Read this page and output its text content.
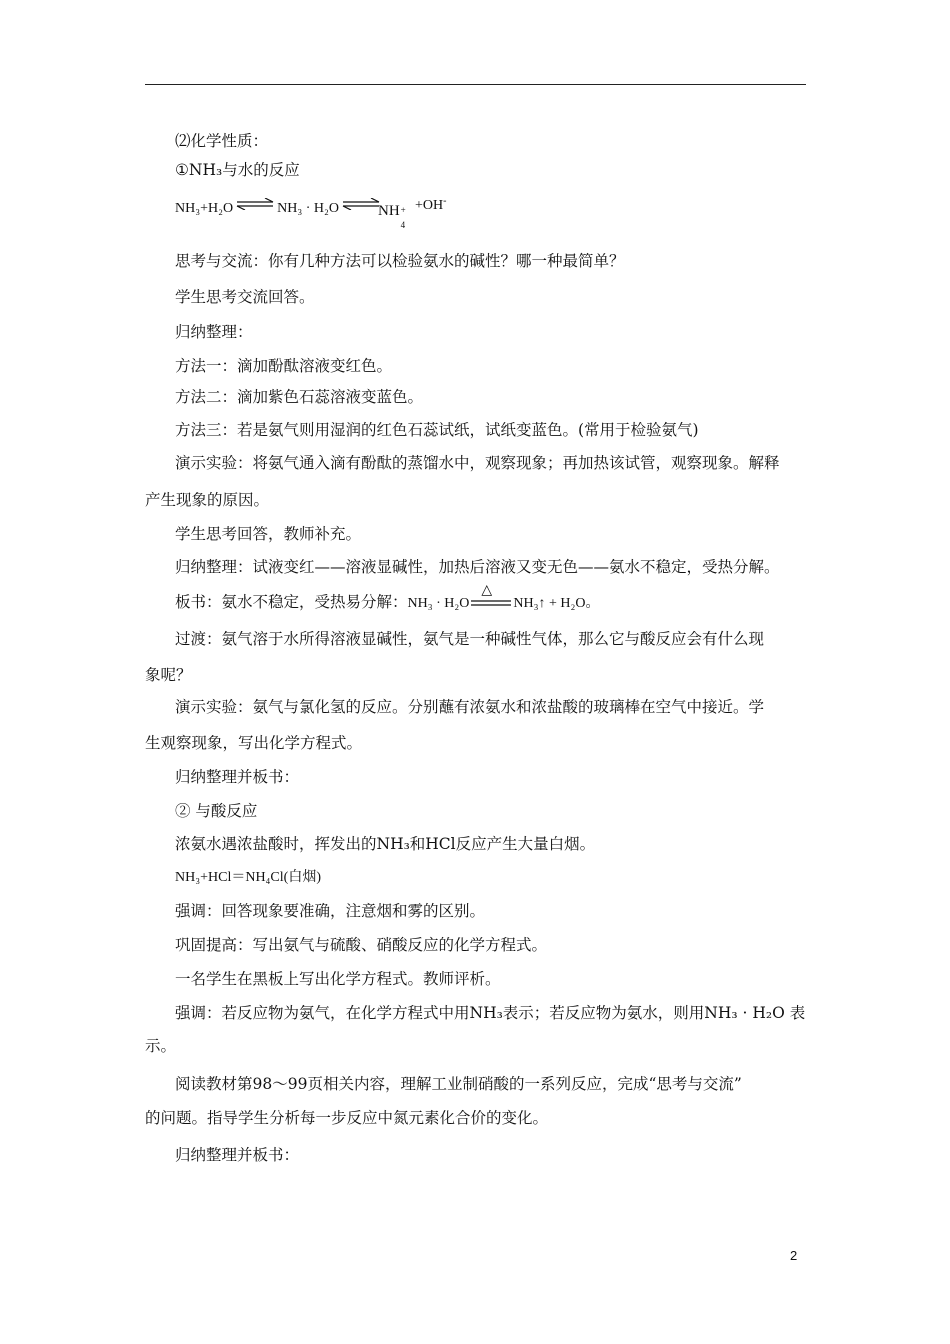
⑵化学性质：
①NH₃与水的反应
NH₃+H₂O ⇌ NH₃ · H₂O ⇌
NH +
4
+OH-
思考与交流：你有几种方法可以检验氨水的碱性？哪一种最简单？
学生思考交流回答。
归纳整理：
方法一：滴加酚酞溶液变红色。
方法二：滴加紫色石蕊溶液变蓝色。
方法三：若是氨气则用湿润的红色石蕊试纸，试纸变蓝色。(常用于检验氨气)
演示实验：将氨气通入滴有酚酞的蒸馏水中，观察现象；再加热该试管，观察现象。解释
产生现象的原因。
学生思考回答，教师补充。
归纳整理：试液变红——溶液显碱性，加热后溶液又变无色——氨水不稳定，受热分解。
板书：氨水不稳定，受热易分解：NH₃ · H₂O
△
NH₃↑ + H₂O。
过渡：氨气溶于水所得溶液显碱性，氨气是一种碱性气体，那么它与酸反应会有什么现
象呢？
演示实验：氨气与氯化氢的反应。分别蘸有浓氨水和浓盐酸的玻璃棒在空气中接近。学
生观察现象，写出化学方程式。
归纳整理并板书：
② 与酸反应
浓氨水遇浓盐酸时，挥发出的NH₃和HCl反应产生大量白烟。
NH₃+HCl＝NH₄Cl(白烟)
强调：回答现象要准确，注意烟和雾的区别。
巩固提高：写出氨气与硫酸、硝酸反应的化学方程式。
一名学生在黑板上写出化学方程式。教师评析。
强调：若反应物为氨气，在化学方程式中用NH₃表示；若反应物为氨水，则用NH₃ · H₂O 表
示。
阅读教材第98～99页相关内容，理解工业制硝酸的一系列反应，完成“思考与交流”
的问题。指导学生分析每一步反应中氮元素化合价的变化。
归纳整理并板书：
2
